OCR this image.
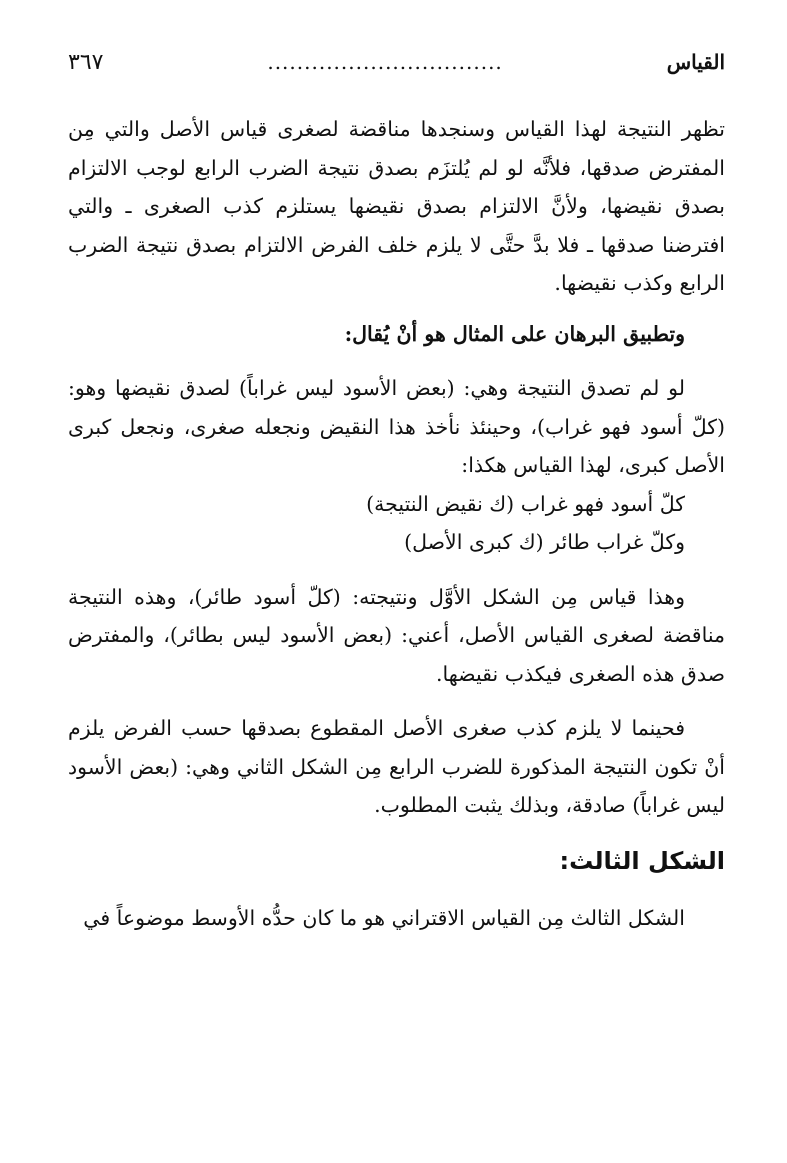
القياس
................................
٣٦٧

تظهر النتيجة لهذا القياس وسنجدها مناقضة لصغرى قياس الأصل والتي مِن المفترض صدقها، فلأنَّه لو لم يُلتزَم بصدق نتيجة الضرب الرابع لوجب الالتزام بصدق نقيضها، ولأنَّ الالتزام بصدق نقيضها يستلزم كذب الصغرى ـ والتي افترضنا صدقها ـ فلا بدَّ حتَّى لا يلزم خلف الفرض الالتزام بصدق نتيجة الضرب الرابع وكذب نقيضها.

وتطبيق البرهان على المثال هو أنْ يُقال:

لو لم تصدق النتيجة وهي: (بعض الأسود ليس غراباً) لصدق نقيضها وهو: (كلّ أسود فهو غراب)، وحينئذ نأخذ هذا النقيض ونجعله صغرى، ونجعل كبرى الأصل كبرى، لهذا القياس هكذا:

كلّ أسود فهو غراب (ك نقيض النتيجة)
وكلّ غراب طائر (ك كبرى الأصل)

وهذا قياس مِن الشكل الأوَّل ونتيجته: (كلّ أسود طائر)، وهذه النتيجة مناقضة لصغرى القياس الأصل، أعني: (بعض الأسود ليس بطائر)، والمفترض صدق هذه الصغرى فيكذب نقيضها.

فحينما لا يلزم كذب صغرى الأصل المقطوع بصدقها حسب الفرض يلزم أنْ تكون النتيجة المذكورة للضرب الرابع مِن الشكل الثاني وهي: (بعض الأسود ليس غراباً) صادقة، وبذلك يثبت المطلوب.

الشكل الثالث:

الشكل الثالث مِن القياس الاقتراني هو ما كان حدُّه الأوسط موضوعاً في
